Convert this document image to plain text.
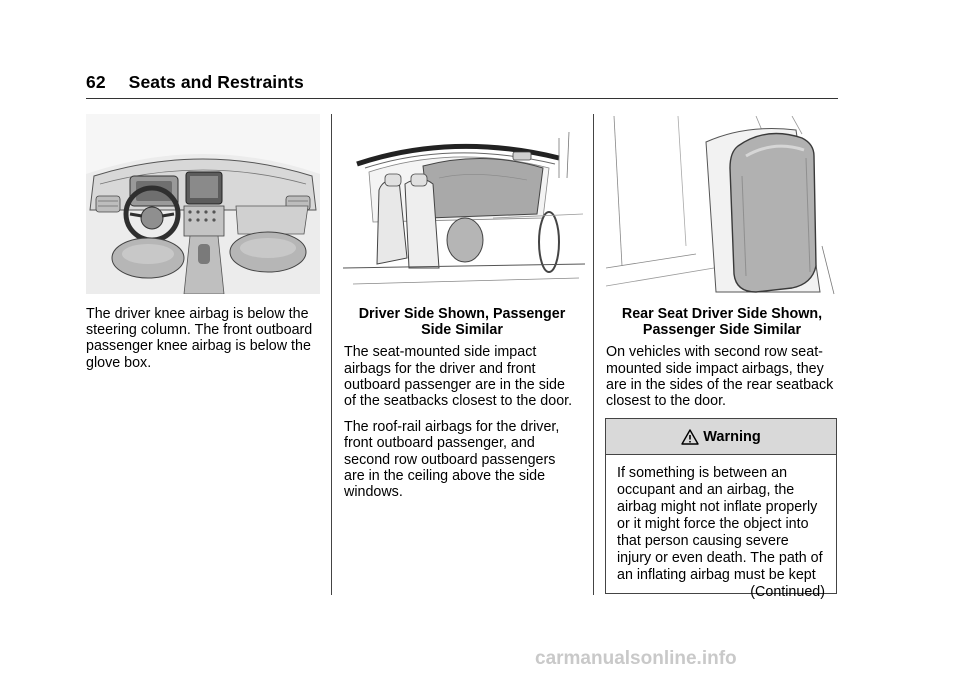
62 Seats and Restraints

The driver knee airbag is below the steering column. The front outboard passenger knee airbag is below the glove box.

Driver Side Shown, Passenger Side Similar

The seat-mounted side impact airbags for the driver and front outboard passenger are in the side of the seatbacks closest to the door.

The roof-rail airbags for the driver, front outboard passenger, and second row outboard passengers are in the ceiling above the side windows.

Rear Seat Driver Side Shown, Passenger Side Similar

On vehicles with second row seat-mounted side impact airbags, they are in the sides of the rear seatback closest to the door.

Warning
If something is between an occupant and an airbag, the airbag might not inflate properly or it might force the object into that person causing severe injury or even death. The path of an inflating airbag must be kept
(Continued)
carmanualsonline.info
